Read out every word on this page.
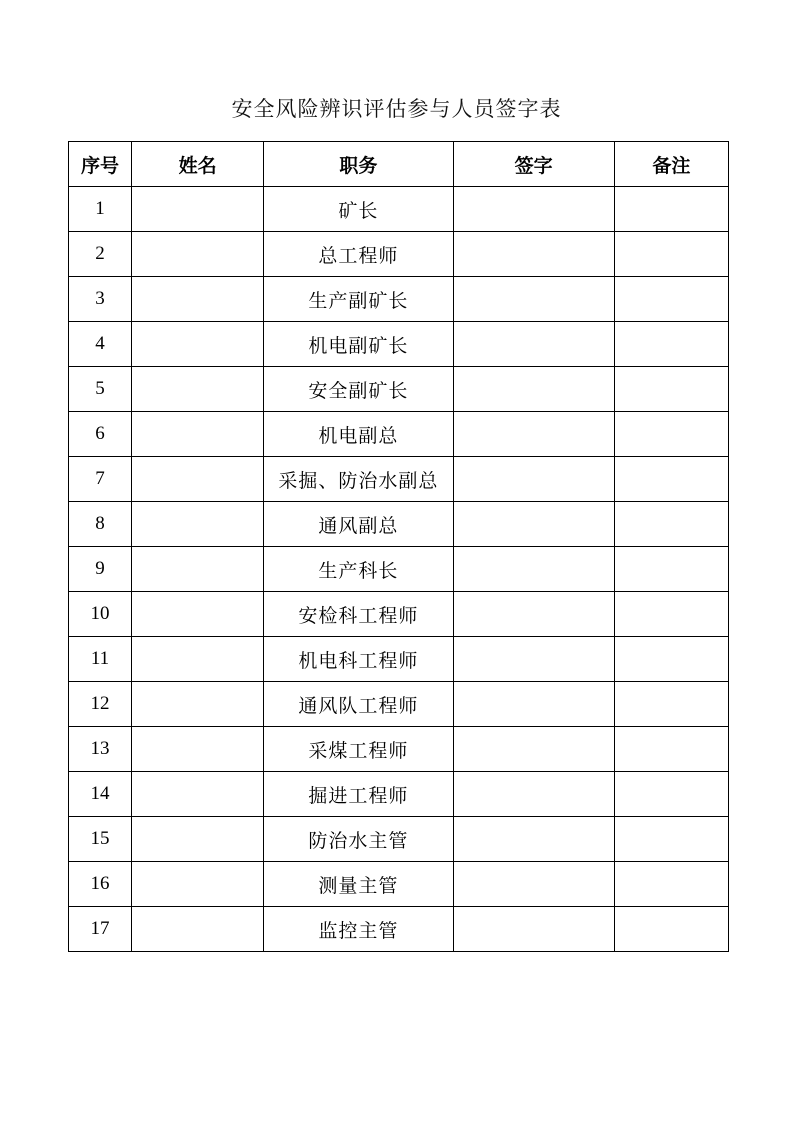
安全风险辨识评估参与人员签字表
序号	姓名	职务	签字	备注
1		矿长		
2		总工程师		
3		生产副矿长		
4		机电副矿长		
5		安全副矿长		
6		机电副总		
7		采掘、防治水副总		
8		通风副总		
9		生产科长		
10		安检科工程师		
11		机电科工程师		
12		通风队工程师		
13		采煤工程师		
14		掘进工程师		
15		防治水主管		
16		测量主管		
17		监控主管		
